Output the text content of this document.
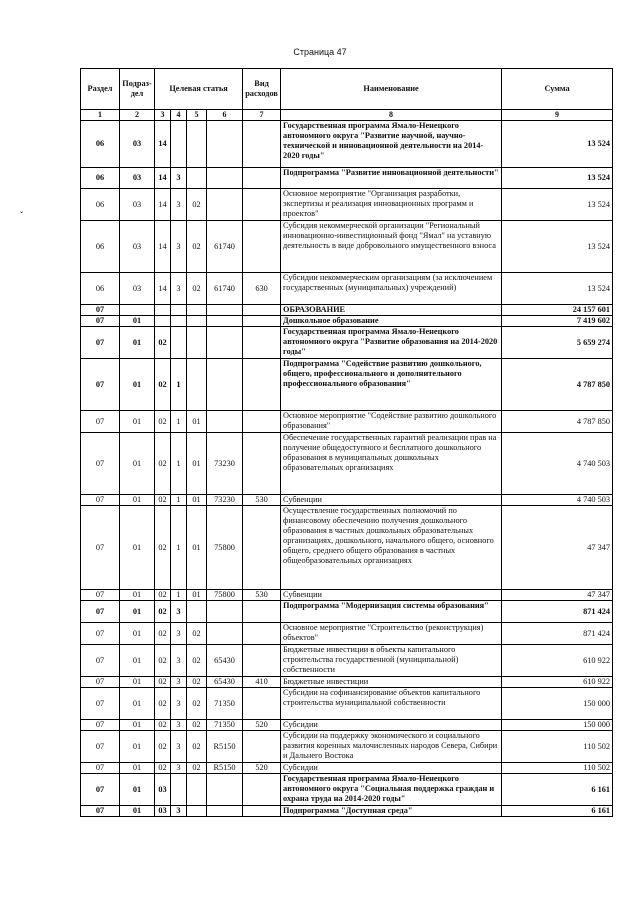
Страница 47
ˇ
Раздел	Подраз-дел	Целевая статья				Вид расходов	Наименование	Сумма
1	2	3	4	5	6	7	8	9
06	03	14					Государственная программа Ямало-Ненецкого автономного округа "Развитие научной, научно-технической и инновационной деятельности на 2014-2020 годы"	13 524
06	03	14	3				Подпрограмма "Развитие инновационной деятельности"	13 524
06	03	14	3	02			Основное мероприятие "Организация разработки, экспертизы и реализация инновационных программ и проектов"	13 524
06	03	14	3	02	61740		Субсидия некоммерческой организации "Региональный инновационно-инвестиционный фонд "Ямал" на уставную деятельность в виде добровольного имущественного взноса	13 524
06	03	14	3	02	61740	630	Субсидии некоммерческим организациям (за исключением государственных (муниципальных) учреждений)	13 524
07							ОБРАЗОВАНИЕ	24 157 601
07	01						Дошкольное образование	7 419 602
07	01	02					Государственная программа Ямало-Ненецкого автономного округа "Развитие образования на 2014-2020 годы"	5 659 274
07	01	02	1				Подпрограмма "Содействие развитию дошкольного, общего, профессионального и дополнительного профессионального образования"	4 787 850
07	01	02	1	01			Основное мероприятие "Содействие развитию дошкольного образования"	4 787 850
07	01	02	1	01	73230		Обеспечение государственных гарантий реализации прав на получение общедоступного и бесплатного дошкольного образования в муниципальных дошкольных образовательных организациях	4 740 503
07	01	02	1	01	73230	530	Субвенции	4 740 503
07	01	02	1	01	75800		Осуществление государственных полномочий по финансовому обеспечению получения дошкольного образования в частных дошкольных образовательных организациях, дошкольного, начального общего, основного общего, среднего общего образования в частных общеобразовательных организациях	47 347
07	01	02	1	01	75800	530	Субвенции	47 347
07	01	02	3				Подпрограмма "Модернизация системы образования"	871 424
07	01	02	3	02			Основное мероприятие "Строительство (реконструкция) объектов"	871 424
07	01	02	3	02	65430		Бюджетные инвестиции в объекты капитального строительства государственной (муниципальной) собственности	610 922
07	01	02	3	02	65430	410	Бюджетные инвестиции	610 922
07	01	02	3	02	71350		Субсидии на софинансирование объектов капитального строительства муниципальной собственности	150 000
07	01	02	3	02	71350	520	Субсидии	150 000
07	01	02	3	02	R5150		Субсидии на поддержку экономического и социального развития коренных малочисленных народов Севера, Сибири и Дальнего Востока	110 502
07	01	02	3	02	R5150	520	Субсидии	110 502
07	01	03					Государственная программа Ямало-Ненецкого автономного округа "Социальная поддержка граждан и охрана труда на 2014-2020 годы"	6 161
07	01	03	3				Подпрограмма "Доступная среда"	6 161
